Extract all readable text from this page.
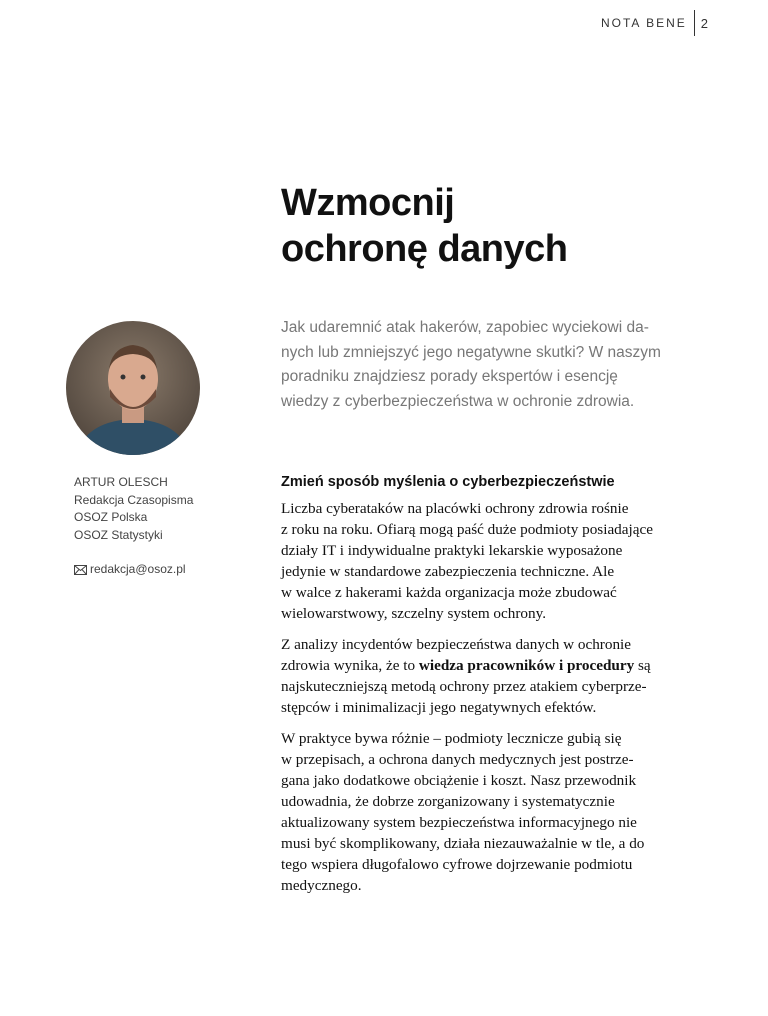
NOTA BENE 2
Wzmocnij
ochronę danych
Jak udaremnić atak hakerów, zapobiec wyciekowi da-
nych lub zmniejszyć jego negatywne skutki? W naszym
poradniku znajdziesz porady ekspertów i esencję
wiedzy z cyberbezpieczeństwa w ochronie zdrowia.
ARTUR OLESCH
Redakcja Czasopisma
OSOZ Polska
OSOZ Statystyki
redakcja@osoz.pl
Zmień sposób myślenia o cyberbezpieczeństwie
Liczba cyberataków na placówki ochrony zdrowia rośnie
z roku na roku. Ofiarą mogą paść duże podmioty posiadające
działy IT i indywidualne praktyki lekarskie wyposażone
jedynie w standardowe zabezpieczenia techniczne. Ale
w walce z hakerami każda organizacja może zbudować
wielowarstwowy, szczelny system ochrony.
Z analizy incydentów bezpieczeństwa danych w ochronie
zdrowia wynika, że to wiedza pracowników i procedury są
najskuteczniejszą metodą ochrony przez atakiem cyberprze-
stępców i minimalizacji jego negatywnych efektów.
W praktyce bywa różnie – podmioty lecznicze gubią się
w przepisach, a ochrona danych medycznych jest postrze-
gana jako dodatkowe obciążenie i koszt. Nasz przewodnik
udowadnia, że dobrze zorganizowany i systematycznie
aktualizowany system bezpieczeństwa informacyjnego nie
musi być skomplikowany, działa niezauważalnie w tle, a do
tego wspiera długofalowo cyfrowe dojrzewanie podmiotu
medycznego.
